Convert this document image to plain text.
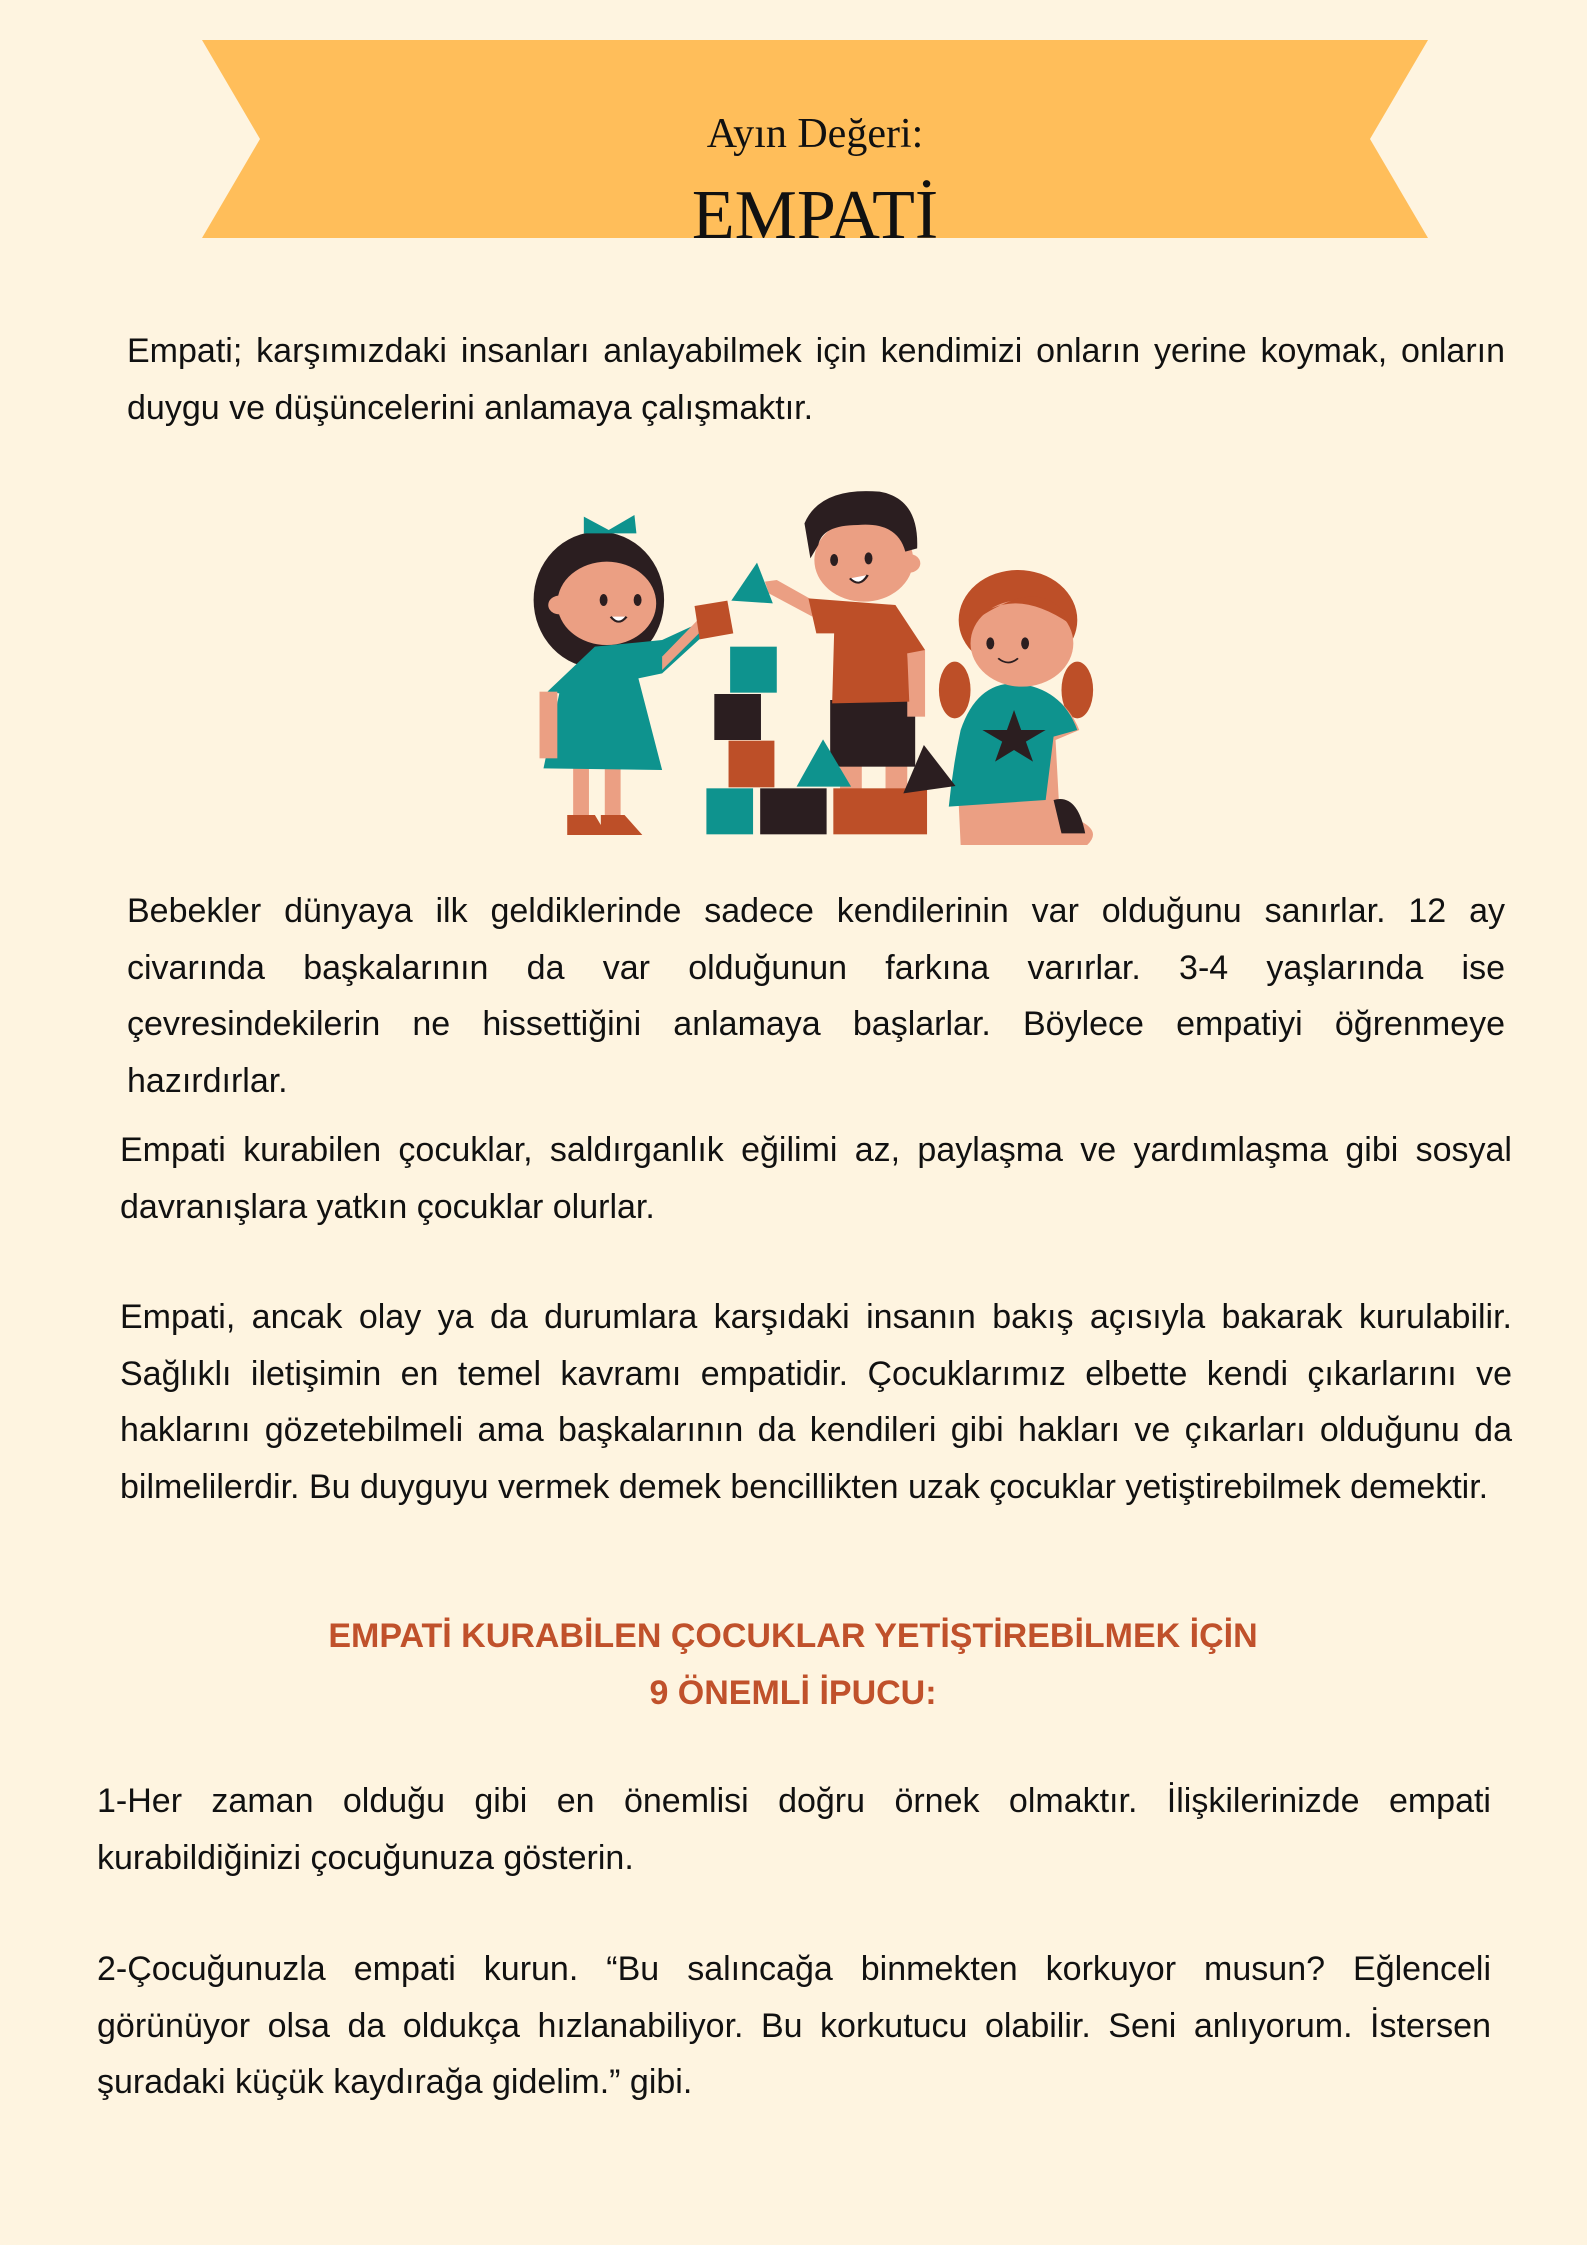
Ayın Değeri:
EMPATİ

Empati; karşımızdaki insanları anlayabilmek için kendimizi onların yerine koymak, onların duygu ve düşüncelerini anlamaya çalışmaktır.

Bebekler dünyaya ilk geldiklerinde sadece kendilerinin var olduğunu sanırlar. 12 ay civarında başkalarının da var olduğunun farkına varırlar. 3-4 yaşlarında ise çevresindekilerin ne hissettiğini anlamaya başlarlar. Böylece empatiyi öğrenmeye hazırdırlar.

Empati kurabilen çocuklar, saldırganlık eğilimi az, paylaşma ve yardımlaşma gibi sosyal davranışlara yatkın çocuklar olurlar.

Empati, ancak olay ya da durumlara karşıdaki insanın bakış açısıyla bakarak kurulabilir. Sağlıklı iletişimin en temel kavramı empatidir. Çocuklarımız elbette kendi çıkarlarını ve haklarını gözetebilmeli ama başkalarının da kendileri gibi hakları ve çıkarları olduğunu da bilmelilerdir. Bu duyguyu vermek demek bencillikten uzak çocuklar yetiştirebilmek demektir.

EMPATİ KURABİLEN ÇOCUKLAR YETİŞTİREBİLMEK İÇİN
9 ÖNEMLİ İPUCU:

1-Her zaman olduğu gibi en önemlisi doğru örnek olmaktır. İlişkilerinizde empati kurabildiğinizi çocuğunuza gösterin.

2-Çocuğunuzla empati kurun. “Bu salıncağa binmekten korkuyor musun? Eğlenceli görünüyor olsa da oldukça hızlanabiliyor. Bu korkutucu olabilir. Seni anlıyorum. İstersen şuradaki küçük kaydırağa gidelim.” gibi.
